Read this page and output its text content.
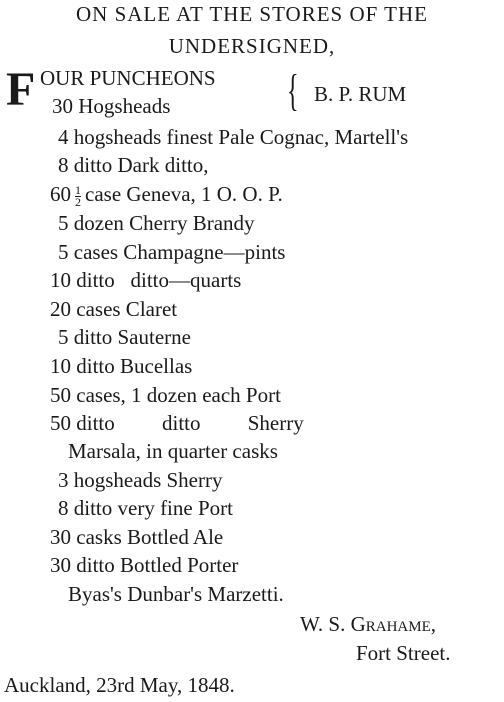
ON SALE AT THE STORES OF THE
UNDERSIGNED,
F OUR PUNCHEONS
30 Hogsheads	{ B. P. RUM
4 hogsheads finest Pale Cognac, Martell's
8 ditto Dark ditto,
$60 \frac{1}{2}$ case Geneva, 1 O. O. P.
5 dozen Cherry Brandy
5 cases Champagne—pints
10 ditto   ditto—quarts
20 cases Claret
5 ditto Sauterne
10 ditto Bucellas
50 cases, 1 dozen each Port
50 ditto         ditto         Sherry
Marsala, in quarter casks
3 hogsheads Sherry
8 ditto very fine Port
30 casks Bottled Ale
30 ditto Bottled Porter
Byas's Dunbar's Marzetti.
W. S. Grahame,
Fort Street.
Auckland, 23rd May, 1848.
